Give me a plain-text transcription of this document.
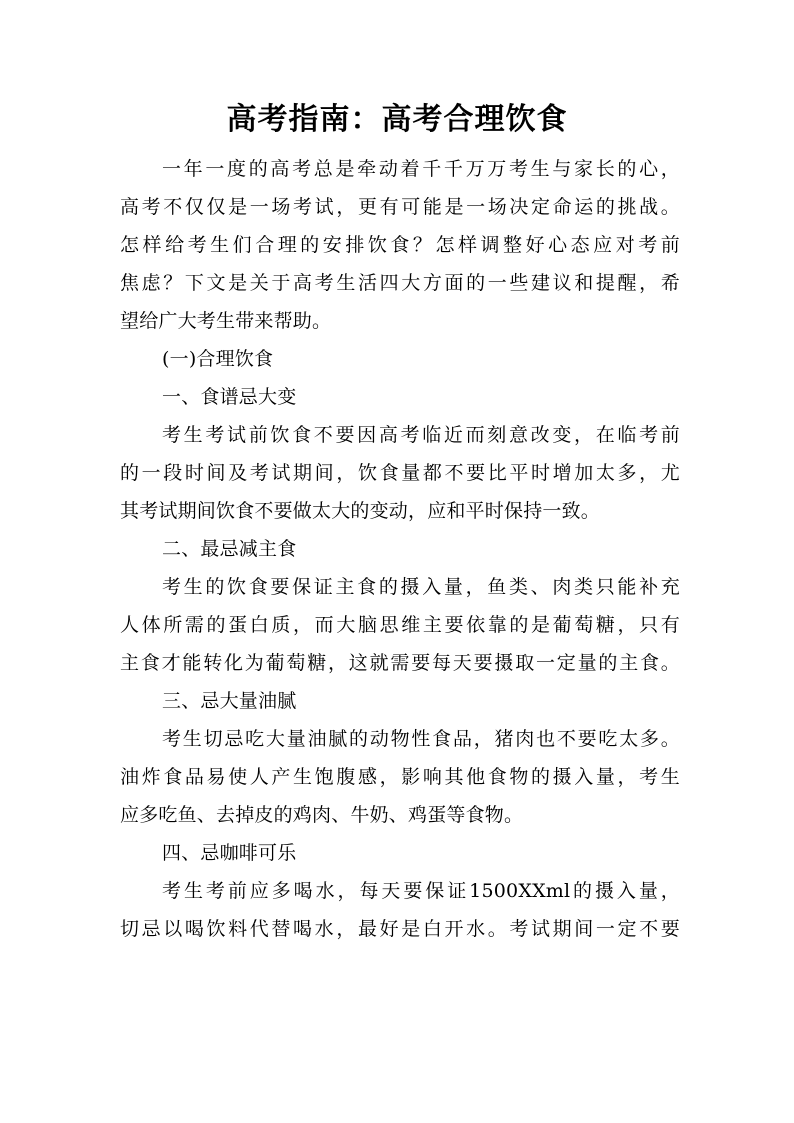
高考指南：高考合理饮食
一年一度的高考总是牵动着千千万万考生与家长的心，
高考不仅仅是一场考试，更有可能是一场决定命运的挑战。
怎样给考生们合理的安排饮食？怎样调整好心态应对考前
焦虑？下文是关于高考生活四大方面的一些建议和提醒，希
望给广大考生带来帮助。
(一)合理饮食
一、食谱忌大变
考生考试前饮食不要因高考临近而刻意改变，在临考前
的一段时间及考试期间，饮食量都不要比平时增加太多，尤
其考试期间饮食不要做太大的变动，应和平时保持一致。
二、最忌减主食
考生的饮食要保证主食的摄入量，鱼类、肉类只能补充
人体所需的蛋白质，而大脑思维主要依靠的是葡萄糖，只有
主食才能转化为葡萄糖，这就需要每天要摄取一定量的主食。
三、忌大量油腻
考生切忌吃大量油腻的动物性食品，猪肉也不要吃太多。
油炸食品易使人产生饱腹感，影响其他食物的摄入量，考生
应多吃鱼、去掉皮的鸡肉、牛奶、鸡蛋等食物。
四、忌咖啡可乐
考生考前应多喝水，每天要保证1500XXml的摄入量，
切忌以喝饮料代替喝水，最好是白开水。考试期间一定不要
